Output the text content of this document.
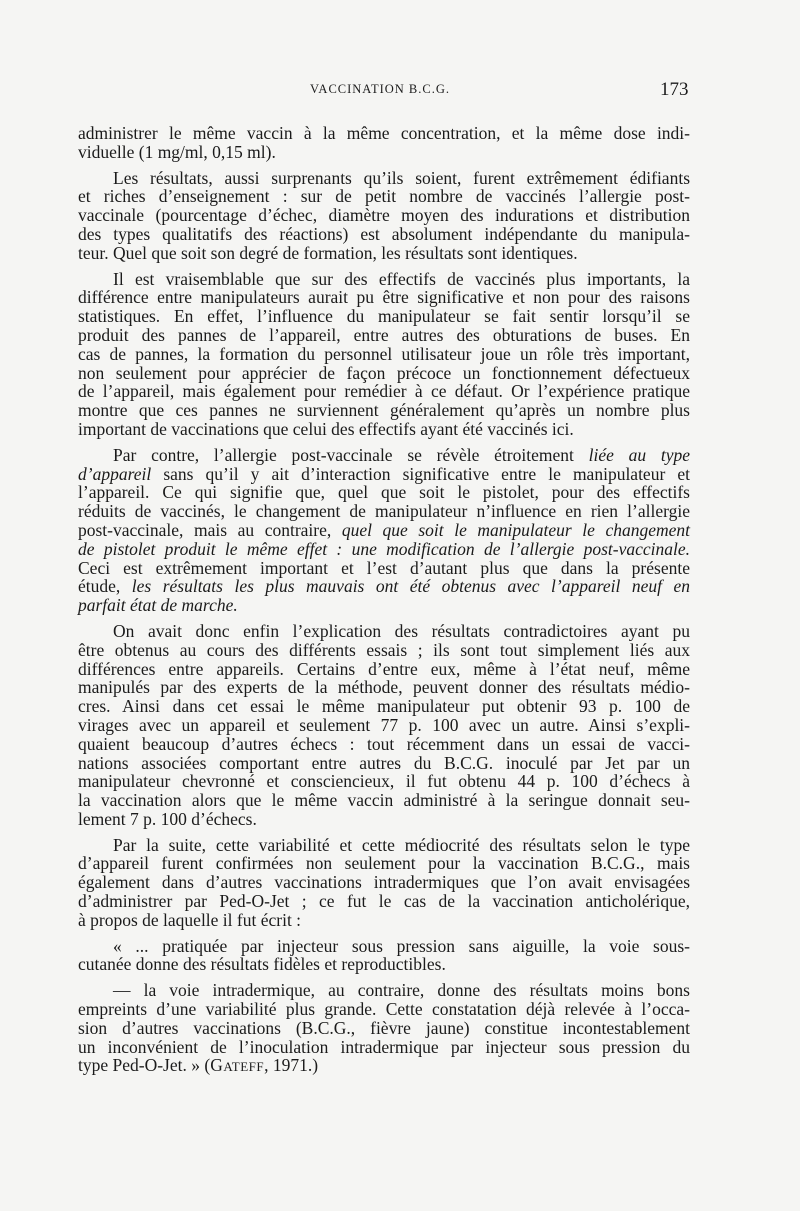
VACCINATION B.C.G.	173
administrer le même vaccin à la même concentration, et la même dose indi-
viduelle (1 mg/ml, 0,15 ml).
Les résultats, aussi surprenants qu’ils soient, furent extrêmement édifiants
et riches d’enseignement : sur de petit nombre de vaccinés l’allergie post-
vaccinale (pourcentage d’échec, diamètre moyen des indurations et distribution
des types qualitatifs des réactions) est absolument indépendante du manipula-
teur. Quel que soit son degré de formation, les résultats sont identiques.
Il est vraisemblable que sur des effectifs de vaccinés plus importants, la
différence entre manipulateurs aurait pu être significative et non pour des raisons
statistiques. En effet, l’influence du manipulateur se fait sentir lorsqu’il se
produit des pannes de l’appareil, entre autres des obturations de buses. En
cas de pannes, la formation du personnel utilisateur joue un rôle très important,
non seulement pour apprécier de façon précoce un fonctionnement défectueux
de l’appareil, mais également pour remédier à ce défaut. Or l’expérience pratique
montre que ces pannes ne surviennent généralement qu’après un nombre plus
important de vaccinations que celui des effectifs ayant été vaccinés ici.
Par contre, l’allergie post-vaccinale se révèle étroitement liée au type
d’appareil sans qu’il y ait d’interaction significative entre le manipulateur et
l’appareil. Ce qui signifie que, quel que soit le pistolet, pour des effectifs
réduits de vaccinés, le changement de manipulateur n’influence en rien l’allergie
post-vaccinale, mais au contraire, quel que soit le manipulateur le changement
de pistolet produit le même effet : une modification de l’allergie post-vaccinale.
Ceci est extrêmement important et l’est d’autant plus que dans la présente
étude, les résultats les plus mauvais ont été obtenus avec l’appareil neuf en
parfait état de marche.
On avait donc enfin l’explication des résultats contradictoires ayant pu
être obtenus au cours des différents essais ; ils sont tout simplement liés aux
différences entre appareils. Certains d’entre eux, même à l’état neuf, même
manipulés par des experts de la méthode, peuvent donner des résultats médio-
cres. Ainsi dans cet essai le même manipulateur put obtenir 93 p. 100 de
virages avec un appareil et seulement 77 p. 100 avec un autre. Ainsi s’expli-
quaient beaucoup d’autres échecs : tout récemment dans un essai de vacci-
nations associées comportant entre autres du B.C.G. inoculé par Jet par un
manipulateur chevronné et consciencieux, il fut obtenu 44 p. 100 d’échecs à
la vaccination alors que le même vaccin administré à la seringue donnait seu-
lement 7 p. 100 d’échecs.
Par la suite, cette variabilité et cette médiocrité des résultats selon le type
d’appareil furent confirmées non seulement pour la vaccination B.C.G., mais
également dans d’autres vaccinations intradermiques que l’on avait envisagées
d’administrer par Ped-O-Jet ; ce fut le cas de la vaccination anticholérique,
à propos de laquelle il fut écrit :
« ... pratiquée par injecteur sous pression sans aiguille, la voie sous-
cutanée donne des résultats fidèles et reproductibles.
— la voie intradermique, au contraire, donne des résultats moins bons
empreints d’une variabilité plus grande. Cette constatation déjà relevée à l’occa-
sion d’autres vaccinations (B.C.G., fièvre jaune) constitue incontestablement
un inconvénient de l’inoculation intradermique par injecteur sous pression du
type Ped-O-Jet. » (GATEFF, 1971.)
